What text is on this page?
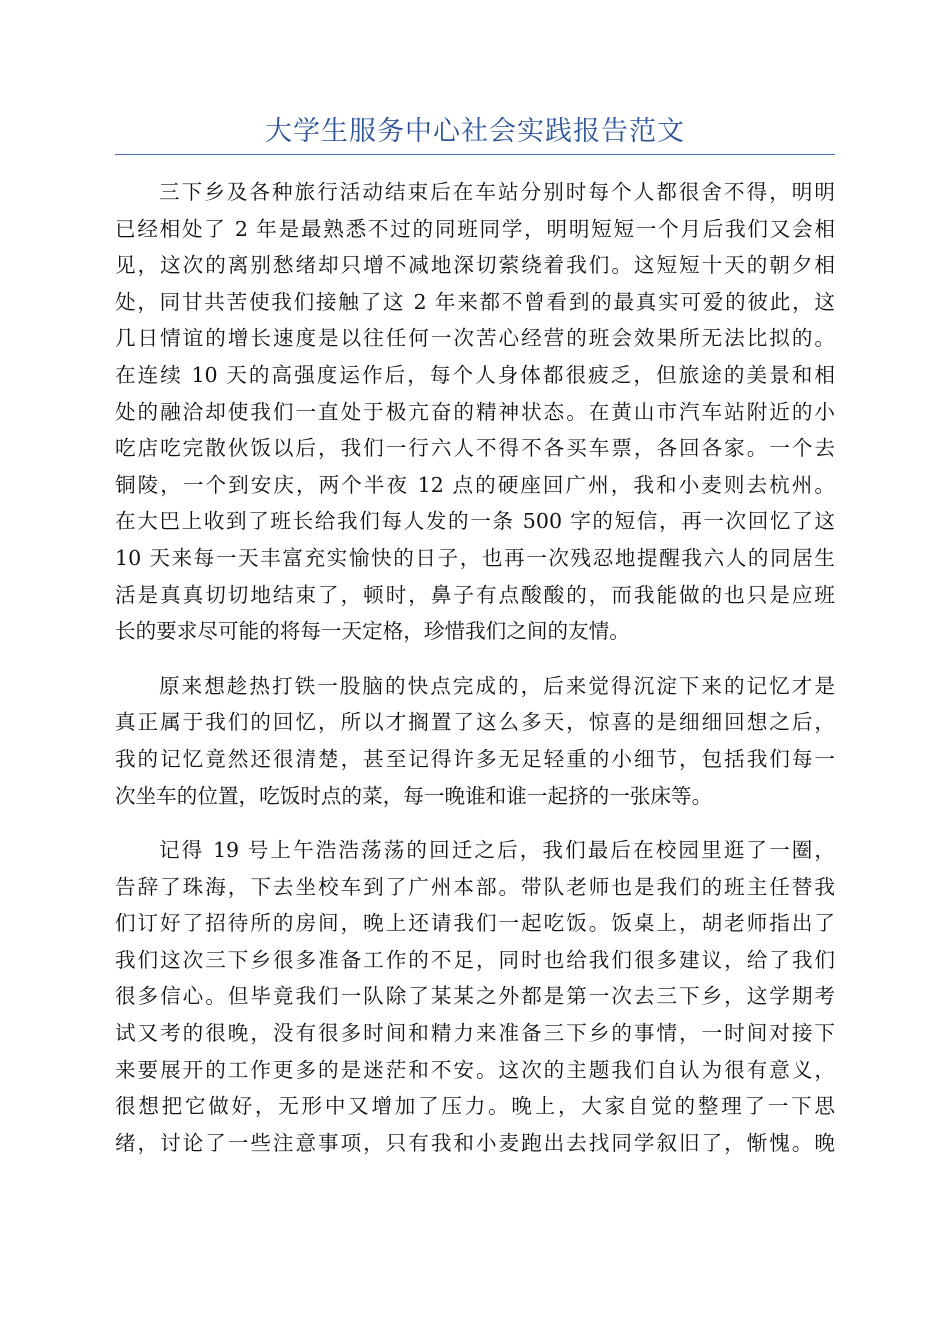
大学生服务中心社会实践报告范文
三下乡及各种旅行活动结束后在车站分别时每个人都很舍不得，明明
已经相处了 2 年是最熟悉不过的同班同学，明明短短一个月后我们又会相
见，这次的离别愁绪却只增不减地深切萦绕着我们。这短短十天的朝夕相
处，同甘共苦使我们接触了这 2 年来都不曾看到的最真实可爱的彼此，这
几日情谊的增长速度是以往任何一次苦心经营的班会效果所无法比拟的。
在连续 10 天的高强度运作后，每个人身体都很疲乏，但旅途的美景和相
处的融洽却使我们一直处于极亢奋的精神状态。在黄山市汽车站附近的小
吃店吃完散伙饭以后，我们一行六人不得不各买车票，各回各家。一个去
铜陵，一个到安庆，两个半夜 12 点的硬座回广州，我和小麦则去杭州。
在大巴上收到了班长给我们每人发的一条 500 字的短信，再一次回忆了这
10 天来每一天丰富充实愉快的日子，也再一次残忍地提醒我六人的同居生
活是真真切切地结束了，顿时，鼻子有点酸酸的，而我能做的也只是应班
长的要求尽可能的将每一天定格，珍惜我们之间的友情。
原来想趁热打铁一股脑的快点完成的，后来觉得沉淀下来的记忆才是
真正属于我们的回忆，所以才搁置了这么多天，惊喜的是细细回想之后，
我的记忆竟然还很清楚，甚至记得许多无足轻重的小细节，包括我们每一
次坐车的位置，吃饭时点的菜，每一晚谁和谁一起挤的一张床等。
记得 19 号上午浩浩荡荡的回迁之后，我们最后在校园里逛了一圈，
告辞了珠海，下去坐校车到了广州本部。带队老师也是我们的班主任替我
们订好了招待所的房间，晚上还请我们一起吃饭。饭桌上，胡老师指出了
我们这次三下乡很多准备工作的不足，同时也给我们很多建议，给了我们
很多信心。但毕竟我们一队除了某某之外都是第一次去三下乡，这学期考
试又考的很晚，没有很多时间和精力来准备三下乡的事情，一时间对接下
来要展开的工作更多的是迷茫和不安。这次的主题我们自认为很有意义，
很想把它做好，无形中又增加了压力。晚上，大家自觉的整理了一下思
绪，讨论了一些注意事项，只有我和小麦跑出去找同学叙旧了，惭愧。晚
